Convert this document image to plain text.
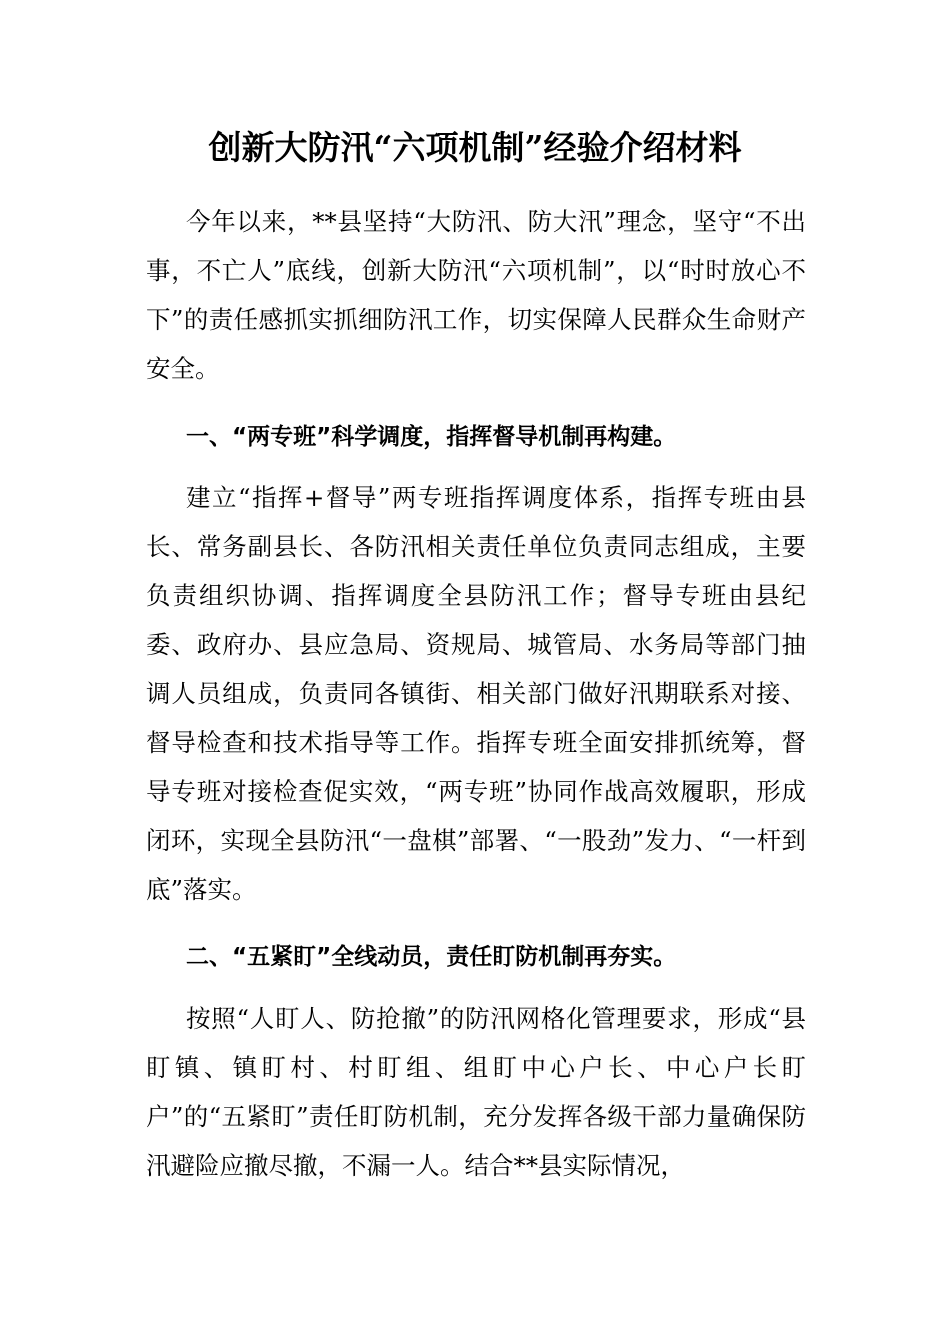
创新大防汛“六项机制”经验介绍材料

今年以来，**县坚持“大防汛、防大汛”理念，坚守“不出事，不亡人”底线，创新大防汛“六项机制”，以“时时放心不下”的责任感抓实抓细防汛工作，切实保障人民群众生命财产安全。

一、“两专班”科学调度，指挥督导机制再构建。

建立“指挥+督导”两专班指挥调度体系，指挥专班由县长、常务副县长、各防汛相关责任单位负责同志组成，主要负责组织协调、指挥调度全县防汛工作；督导专班由县纪委、政府办、县应急局、资规局、城管局、水务局等部门抽调人员组成，负责同各镇街、相关部门做好汛期联系对接、督导检查和技术指导等工作。指挥专班全面安排抓统筹，督导专班对接检查促实效，“两专班”协同作战高效履职，形成闭环，实现全县防汛“一盘棋”部署、“一股劲”发力、“一杆到底”落实。

二、“五紧盯”全线动员，责任盯防机制再夯实。

按照“人盯人、防抢撤”的防汛网格化管理要求，形成“县盯镇、镇盯村、村盯组、组盯中心户长、中心户长盯户”的“五紧盯”责任盯防机制，充分发挥各级干部力量确保防汛避险应撤尽撤，不漏一人。结合**县实际情况，
